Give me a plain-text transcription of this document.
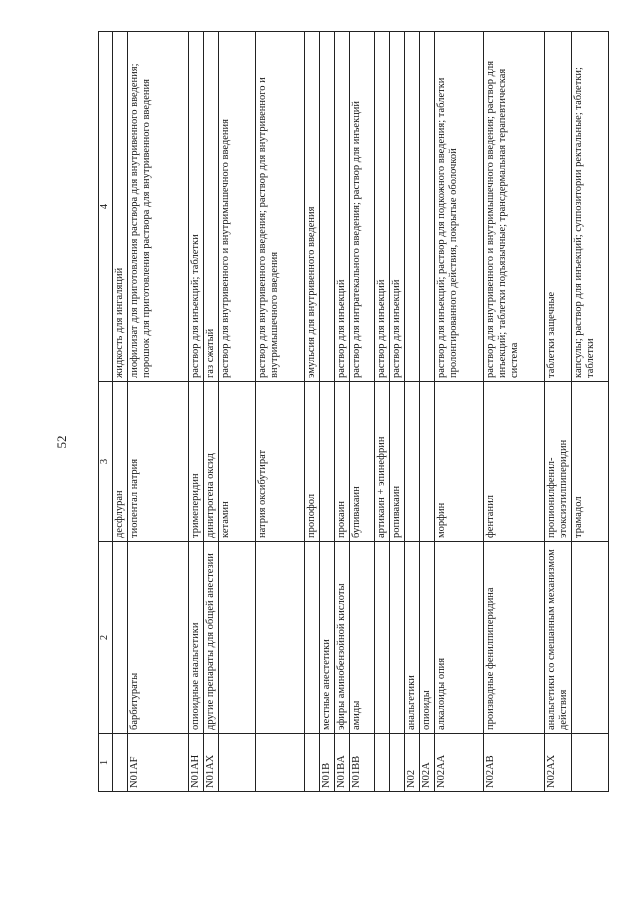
52
1	2	3	4
		десфлуран	жидкость для ингаляций
N01AF	барбитураты	тиопентал натрия	лиофилизат для приготовления раствора для внутривенного введения; порошок для приготовления раствора для внутривенного введения
N01AH	опиоидные анальгетики	тримеперидин	раствор для инъекций; таблетки
N01AX	другие препараты для общей анестезии	динитрогена оксид	газ сжатый
		кетамин	раствор для внутривенного и внутримышечного введения
		натрия оксибутират	раствор для внутривенного введения; раствор для внутривенного и внутримышечного введения
		пропофол	эмульсия для внутривенного введения
N01B	местные анестетики		
N01BA	эфиры аминобензойной кислоты	прокаин	раствор для инъекций
N01BB	амиды	бупивакаин	раствор для интратекального введения; раствор для инъекций
		артикаин + эпинефрин	раствор для инъекций
		ропивакаин	раствор для инъекций
N02	анальгетики		
N02A	опиоиды		
N02AA	алкалоиды опия	морфин	раствор для инъекций; раствор для подкожного введения; таблетки пролонгированного действия, покрытые оболочкой
N02AB	производные фенилпиперидина	фентанил	раствор для внутривенного и внутримышечного введения; раствор для инъекций; таблетки подъязычные; трансдермальная терапевтическая система
N02AX	анальгетики со смешанным механизмом действия	пропионилфенил-этоксиэтилпиперидин	таблетки защечные
		трамадол	капсулы; раствор для инъекций; суппозитории ректальные; таблетки; таблетки
